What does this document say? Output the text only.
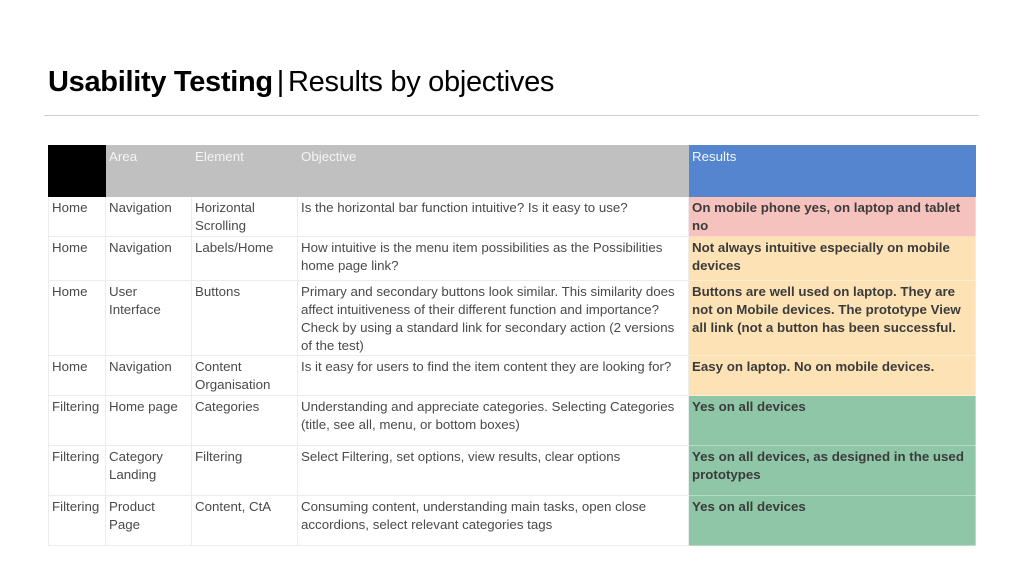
Usability Testing | Results by objectives
	Area	Element	Objective	Results
Home	Navigation	Horizontal Scrolling	Is the horizontal bar function intuitive? Is it easy to use?	On mobile phone yes, on laptop and tablet no
Home	Navigation	Labels/Home	How intuitive is the menu item possibilities as the Possibilities home page link?	Not always intuitive especially on mobile devices
Home	User Interface	Buttons	Primary and secondary buttons look similar. This similarity does affect intuitiveness of their different function and importance? Check by using a standard link for secondary action (2 versions of the test)	Buttons are well used on laptop. They are not on Mobile devices. The prototype View all link (not a button has been successful.
Home	Navigation	Content Organisation	Is it easy for users to find the item content they are looking for?	Easy on laptop. No on mobile devices.
Filtering	Home page	Categories	Understanding and appreciate categories. Selecting Categories (title, see all, menu, or bottom boxes)	Yes on all devices
Filtering	Category Landing	Filtering	Select Filtering, set options, view results, clear options	Yes on all devices, as designed in the used prototypes
Filtering	Product Page	Content, CtA	Consuming content, understanding main tasks, open close accordions, select relevant categories tags	Yes on all devices
